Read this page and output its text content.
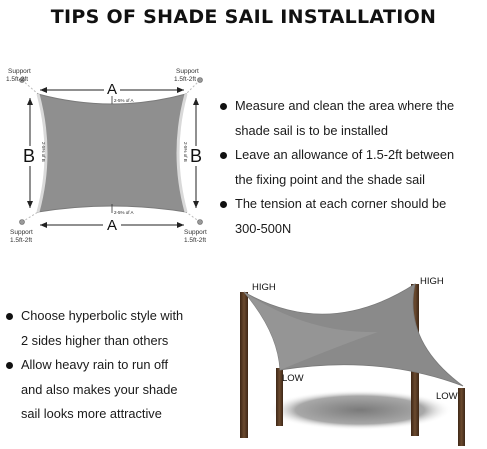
TIPS OF SHADE SAIL INSTALLATION
A
2-5% of A
A
2-5% of A
B 2-5% of B	B
2-5% of B
Support
1.5ft-2ft
Support
1.5ft-2ft
Support
1.5ft-2ft
Support
1.5ft-2ft
Measure and clean the area where the
shade sail is to be installed
Leave an allowance of 1.5-2ft between
the fixing point and the shade sail
The tension at each corner should be
300-500N
Choose hyperbolic style with
2 sides higher than others
Allow heavy rain to run off
and also makes your shade
sail looks more attractive
HIGH
HIGH
LOW
LOW
